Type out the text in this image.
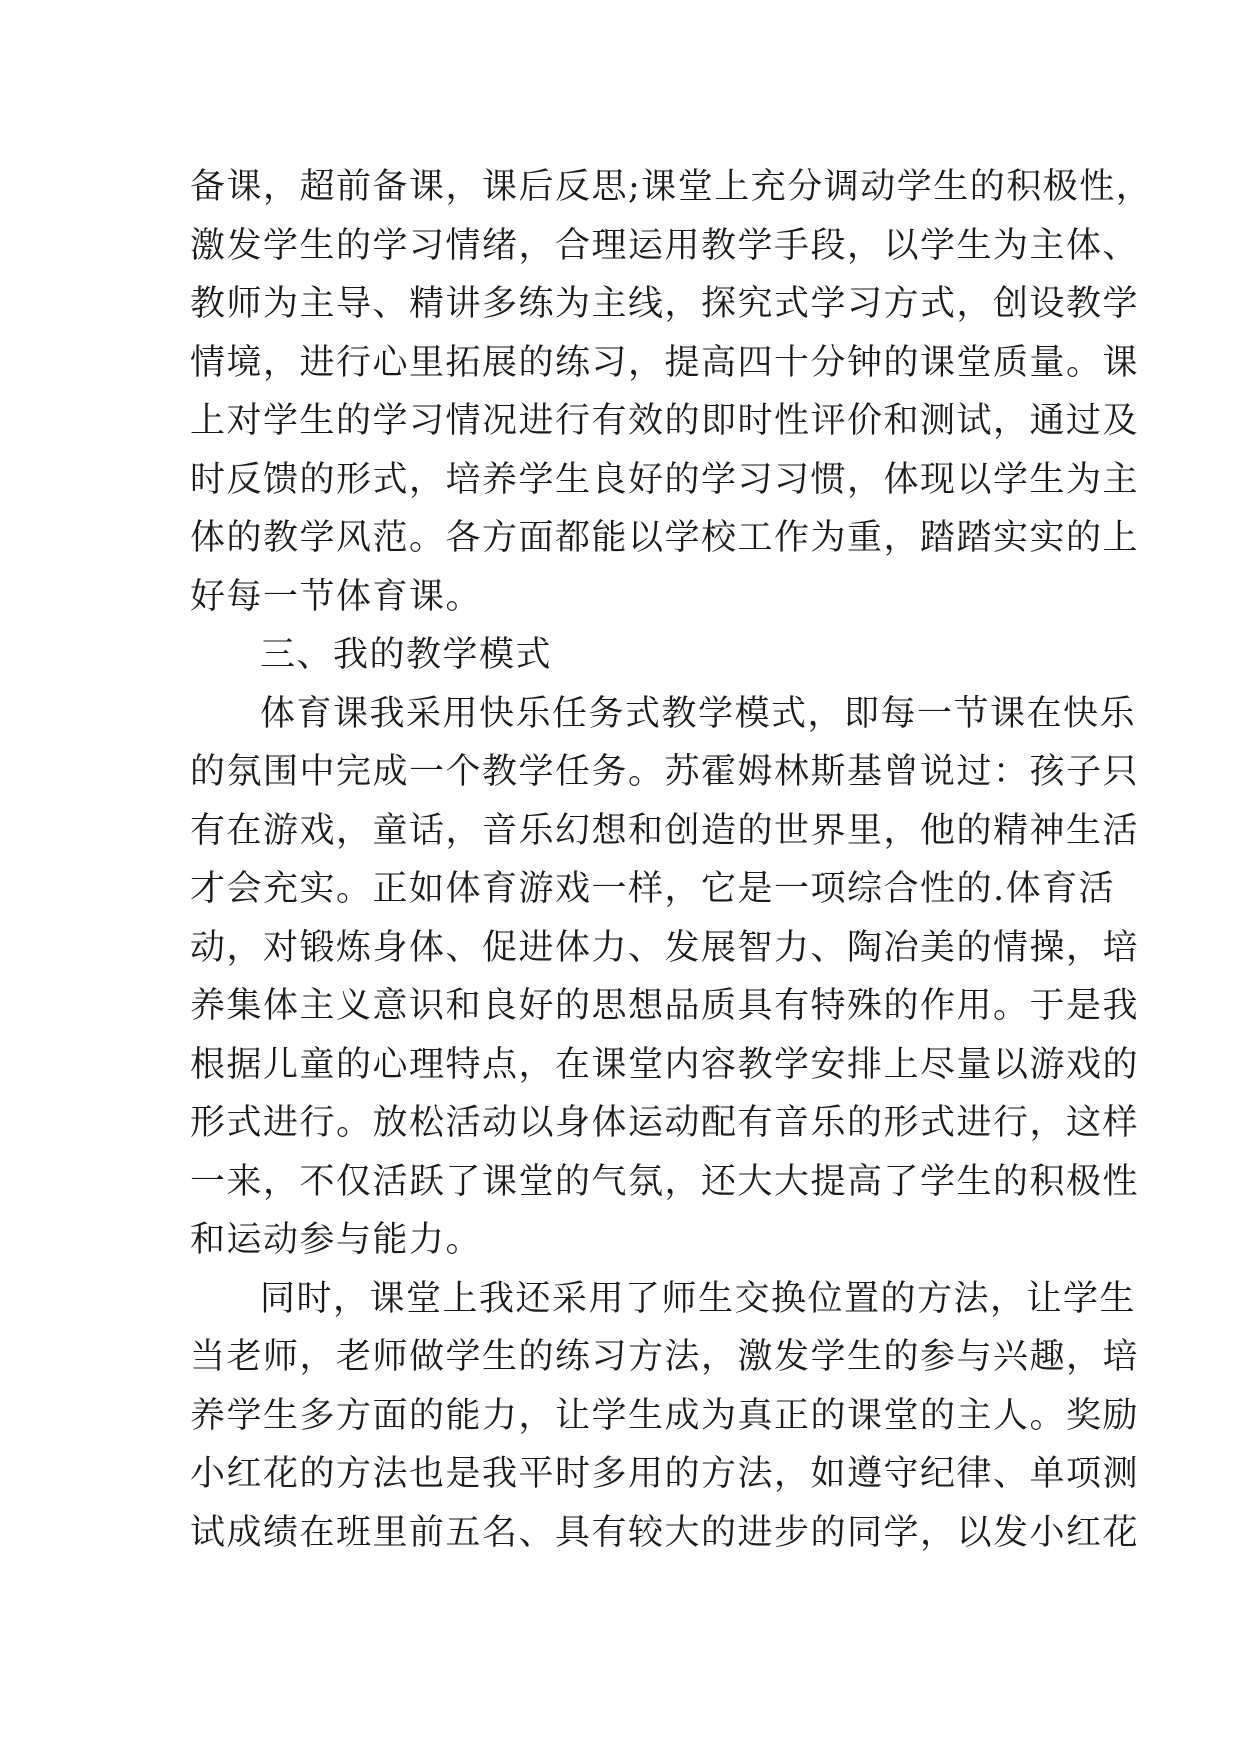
备课，超前备课，课后反思;课堂上充分调动学生的积极性，
激发学生的学习情绪，合理运用教学手段，以学生为主体、
教师为主导、精讲多练为主线，探究式学习方式，创设教学
情境，进行心里拓展的练习，提高四十分钟的课堂质量。课
上对学生的学习情况进行有效的即时性评价和测试，通过及
时反馈的形式，培养学生良好的学习习惯，体现以学生为主
体的教学风范。各方面都能以学校工作为重，踏踏实实的上
好每一节体育课。
三、我的教学模式
体育课我采用快乐任务式教学模式，即每一节课在快乐
的氛围中完成一个教学任务。苏霍姆林斯基曾说过：孩子只
有在游戏，童话，音乐幻想和创造的世界里，他的精神生活
才会充实。正如体育游戏一样，它是一项综合性的.体育活
动，对锻炼身体、促进体力、发展智力、陶冶美的情操，培
养集体主义意识和良好的思想品质具有特殊的作用。于是我
根据儿童的心理特点，在课堂内容教学安排上尽量以游戏的
形式进行。放松活动以身体运动配有音乐的形式进行，这样
一来，不仅活跃了课堂的气氛，还大大提高了学生的积极性
和运动参与能力。
同时，课堂上我还采用了师生交换位置的方法，让学生
当老师，老师做学生的练习方法，激发学生的参与兴趣，培
养学生多方面的能力，让学生成为真正的课堂的主人。奖励
小红花的方法也是我平时多用的方法，如遵守纪律、单项测
试成绩在班里前五名、具有较大的进步的同学，以发小红花
